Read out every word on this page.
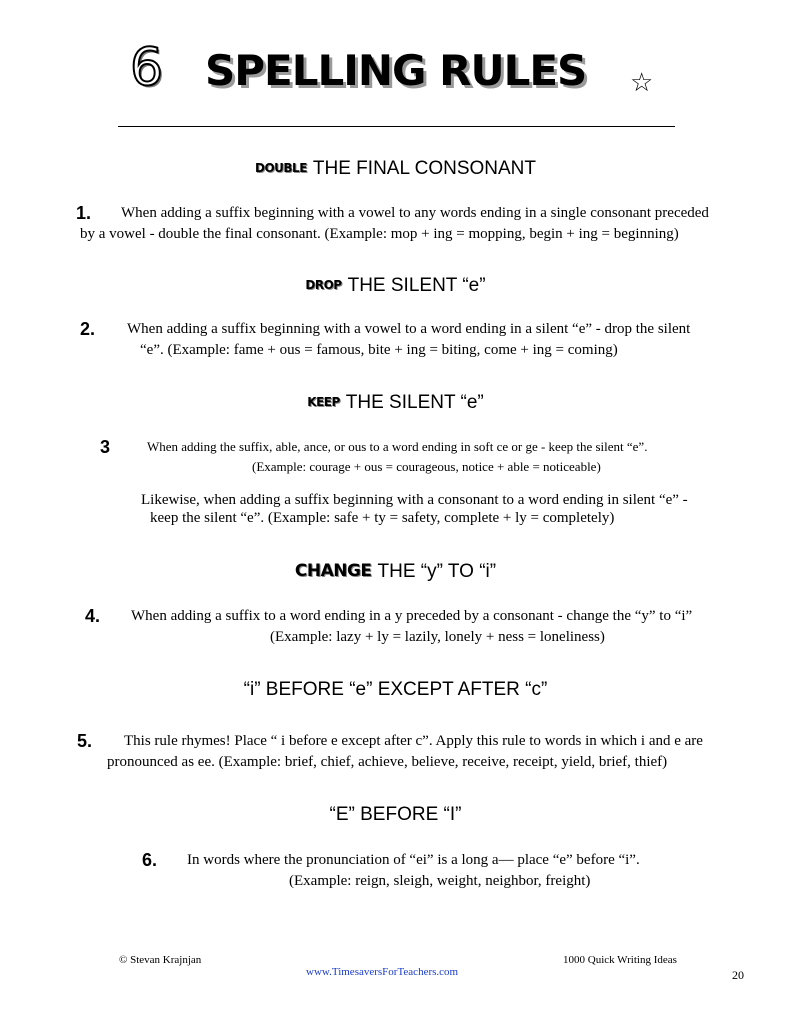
6 SPELLING RULES ☆
DOUBLE THE FINAL CONSONANT
1. When adding a suffix beginning with a vowel to any words ending in a single consonant preceded
by a vowel - double the final consonant. (Example: mop + ing = mopping, begin + ing = beginning)
DROP THE SILENT “e”
2. When adding a suffix beginning with a vowel to a word ending in a silent “e” - drop the silent
“e”. (Example: fame + ous = famous, bite + ing = biting, come + ing = coming)
KEEP THE SILENT “e”
3	When adding the suffix, able, ance, or ous to a word ending in soft ce or ge - keep the silent “e”.
(Example: courage + ous = courageous, notice + able = noticeable)
Likewise, when adding a suffix beginning with a consonant to a word ending in silent “e” -
keep the silent “e”. (Example: safe + ty = safety, complete + ly = completely)
CHANGE THE “y” TO “i”
4. When adding a suffix to a word ending in a y preceded by a consonant - change the “y” to “i”
(Example: lazy + ly = lazily, lonely + ness = loneliness)
“i” BEFORE “e” EXCEPT AFTER “c”
5. This rule rhymes! Place “ i before e except after c”. Apply this rule to words in which i and e are
pronounced as ee. (Example: brief, chief, achieve, believe, receive, receipt, yield, brief, thief)
“E” BEFORE “I”
6. In words where the pronunciation of “ei” is a long a— place “e” before “i”.
(Example: reign, sleigh, weight, neighbor, freight)
© Stevan Krajnjan	1000 Quick Writing Ideas
www.TimesaversForTeachers.com	20
